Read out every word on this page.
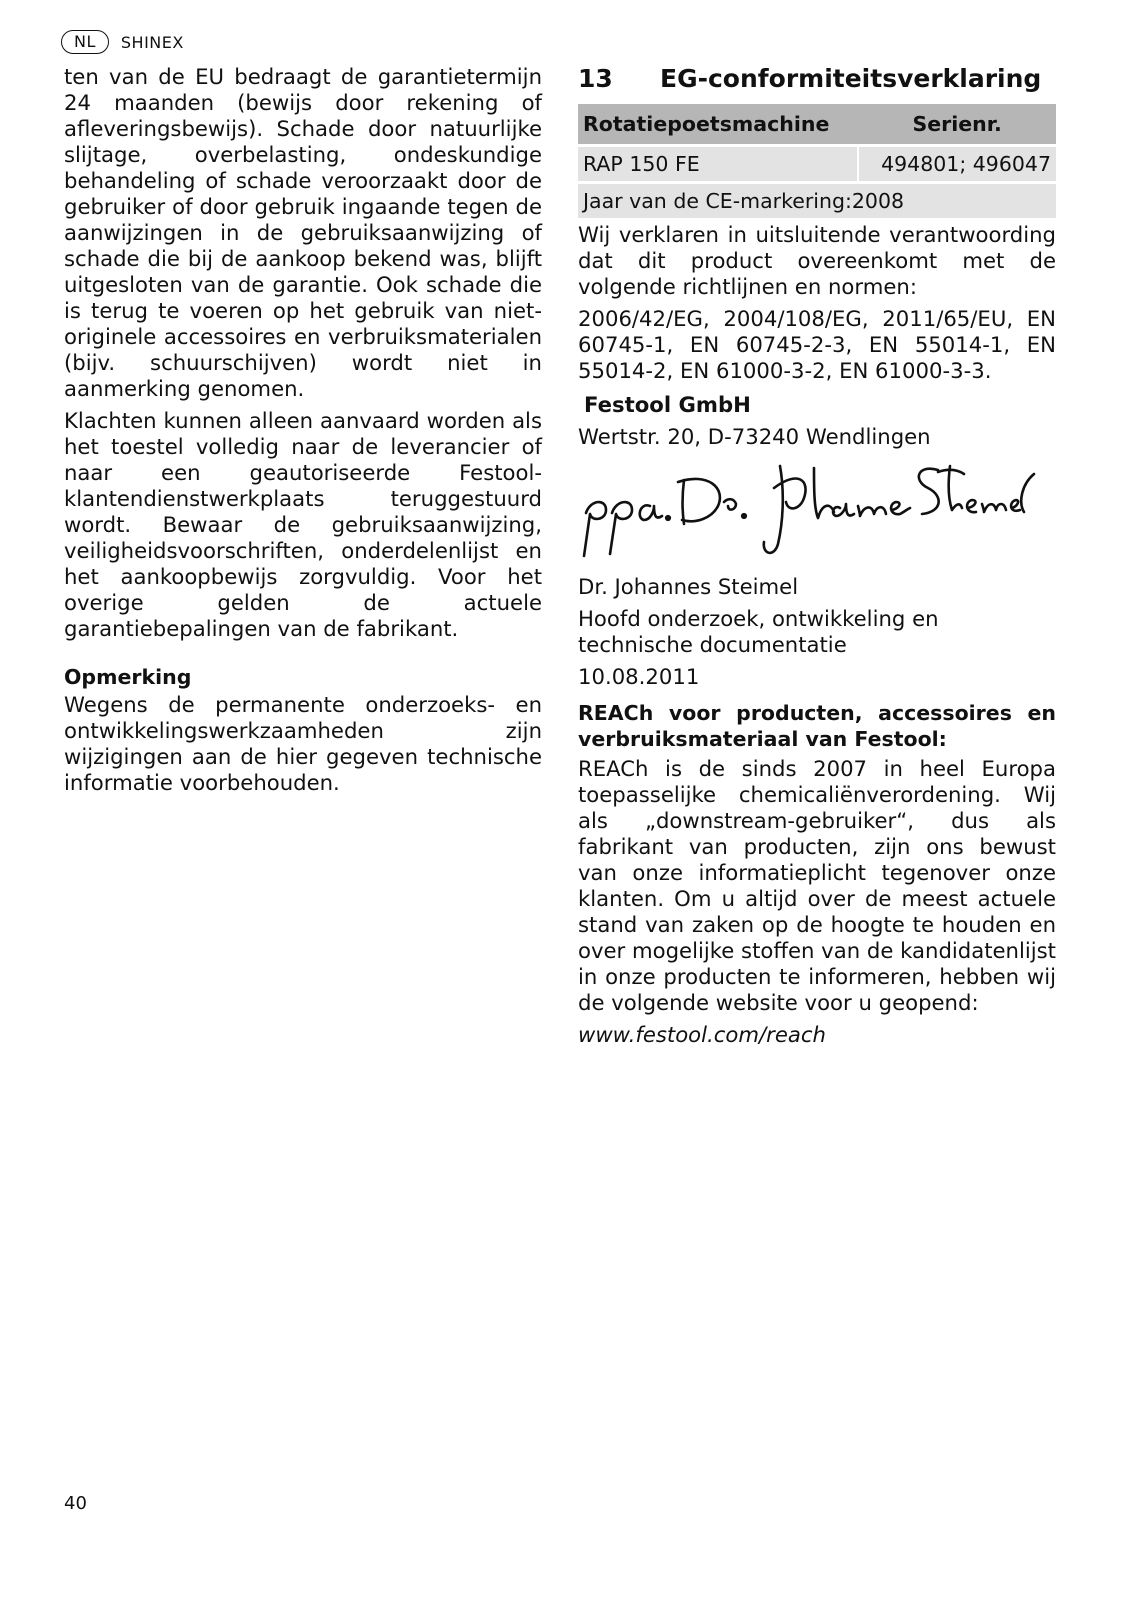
NL	SHINEX

ten van de EU bedraagt de garantietermijn 24 maanden (bewijs door rekening of afleveringsbewijs). Schade door natuurlijke slijtage, overbelasting, ondeskundige behandeling of schade veroorzaakt door de gebruiker of door gebruik ingaande tegen de aanwijzingen in de gebruiksaanwijzing of schade die bij de aankoop bekend was, blijft uitgesloten van de garantie. Ook schade die is terug te voeren op het gebruik van niet-originele accessoires en verbruiksmaterialen (bijv. schuurschijven) wordt niet in aanmerking genomen.

Klachten kunnen alleen aanvaard worden als het toestel volledig naar de leverancier of naar een geautoriseerde Festool-klantendienstwerkplaats teruggestuurd wordt. Bewaar de gebruiksaanwijzing, veiligheidsvoorschriften, onderdelenlijst en het aankoopbewijs zorgvuldig. Voor het overige gelden de actuele garantiebepalingen van de fabrikant.

Opmerking

Wegens de permanente onderzoeks- en ontwikkelingswerkzaamheden zijn wijzigingen aan de hier gegeven technische informatie voorbehouden.

13	EG-conformiteitsverklaring
Rotatiepoetsmachine	Serienr.
RAP 150 FE	494801; 496047
Jaar van de CE-markering:2008	

Wij verklaren in uitsluitende verantwoording dat dit product overeenkomt met de volgende richtlijnen en normen:

2006/42/EG, 2004/108/EG, 2011/65/EU, EN 60745-1, EN 60745-2-3, EN 55014-1, EN 55014-2, EN 61000-3-2, EN 61000-3-3.

Festool GmbH
Wertstr. 20, D-73240 Wendlingen
Dr. Johannes Steimel

Hoofd onderzoek, ontwikkeling en technische documentatie

10.08.2011
REACh voor producten, accessoires en verbruiksmateriaal van Festool:

REACh is de sinds 2007 in heel Europa toepasselijke chemicaliënverordening. Wij als „downstream-gebruiker“, dus als fabrikant van producten, zijn ons bewust van onze informatieplicht tegenover onze klanten. Om u altijd over de meest actuele stand van zaken op de hoogte te houden en over mogelijke stoffen van de kandidatenlijst in onze producten te informeren, hebben wij de volgende website voor u geopend:

www.festool.com/reach
40
